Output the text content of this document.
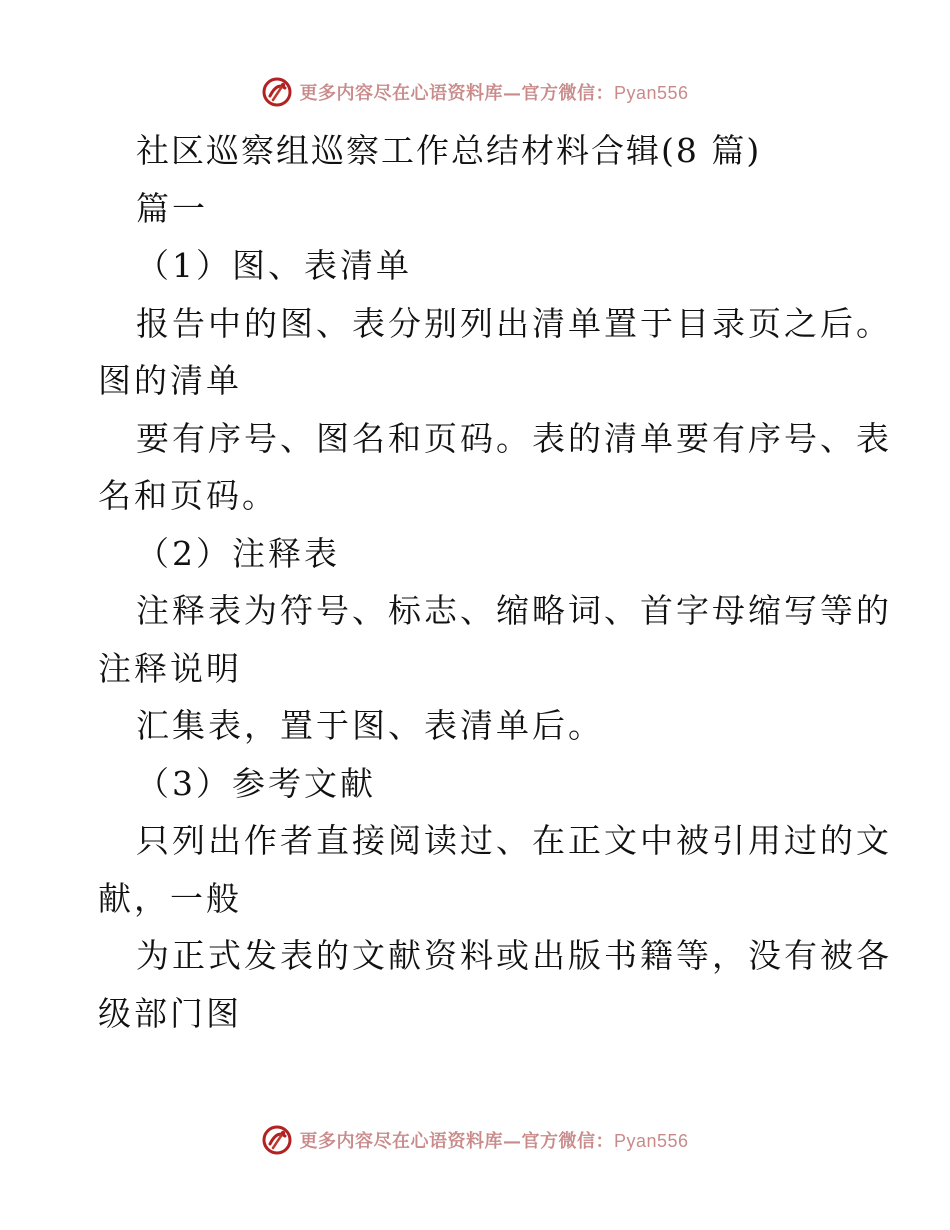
更多内容尽在心语资料库—官方微信：Pyan556
社区巡察组巡察工作总结材料合辑(8 篇)
篇一
（1）图、表清单
报告中的图、表分别列出清单置于目录页之后。
图的清单
要有序号、图名和页码。表的清单要有序号、表
名和页码。
（2）注释表
注释表为符号、标志、缩略词、首字母缩写等的
注释说明
汇集表，置于图、表清单后。
（3）参考文献
只列出作者直接阅读过、在正文中被引用过的文
献，一般
为正式发表的文献资料或出版书籍等，没有被各
级部门图
更多内容尽在心语资料库—官方微信：Pyan556
